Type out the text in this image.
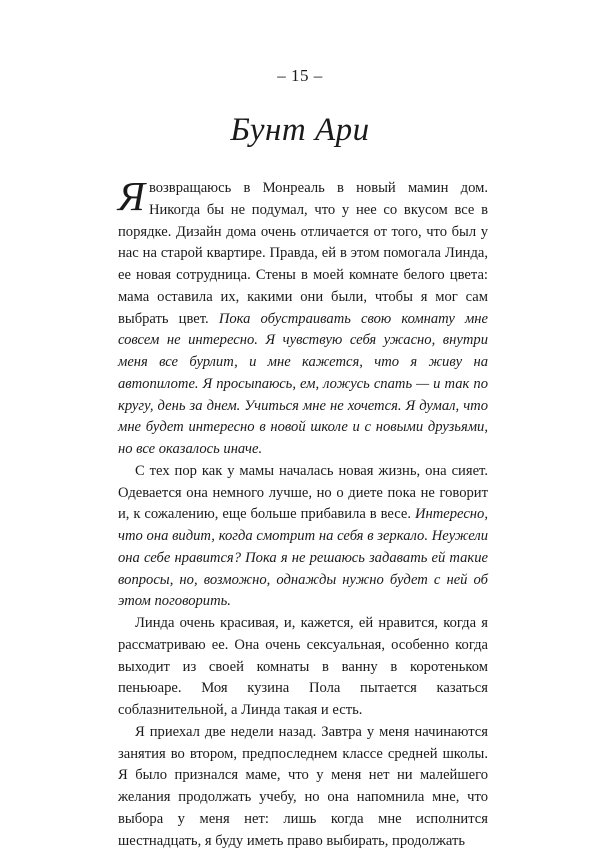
– 15 –
Бунт Ари

Я возвращаюсь в Монреаль в новый мамин дом. Никогда бы не подумал, что у нее со вкусом все в порядке. Дизайн дома очень отличается от того, что был у нас на старой квартире. Правда, ей в этом помогала Линда, ее новая сотрудница. Стены в моей комнате белого цвета: мама оставила их, какими они были, чтобы я мог сам выбрать цвет. Пока обустраивать свою комнату мне совсем не интересно. Я чувствую себя ужасно, внутри меня все бурлит, и мне кажется, что я живу на автопилоте. Я просыпаюсь, ем, ложусь спать — и так по кругу, день за днем. Учиться мне не хочется. Я думал, что мне будет интересно в новой школе и с новыми друзьями, но все оказалось иначе.

С тех пор как у мамы началась новая жизнь, она сияет. Одевается она немного лучше, но о диете пока не говорит и, к сожалению, еще больше прибавила в весе. Интересно, что она видит, когда смотрит на себя в зеркало. Неужели она себе нравится? Пока я не решаюсь задавать ей такие вопросы, но, возможно, однажды нужно будет с ней об этом поговорить.

Линда очень красивая, и, кажется, ей нравится, когда я рассматриваю ее. Она очень сексуальная, особенно когда выходит из своей комнаты в ванну в коротеньком пеньюаре. Моя кузина Пола пытается казаться соблазнительной, а Линда такая и есть.

Я приехал две недели назад. Завтра у меня начинаются занятия во втором, предпоследнем классе средней школы. Я было признался маме, что у меня нет ни малейшего желания продолжать учебу, но она напомнила мне, что выбора у меня нет: лишь когда мне исполнится шестнадцать, я буду иметь право выбирать, продолжать
